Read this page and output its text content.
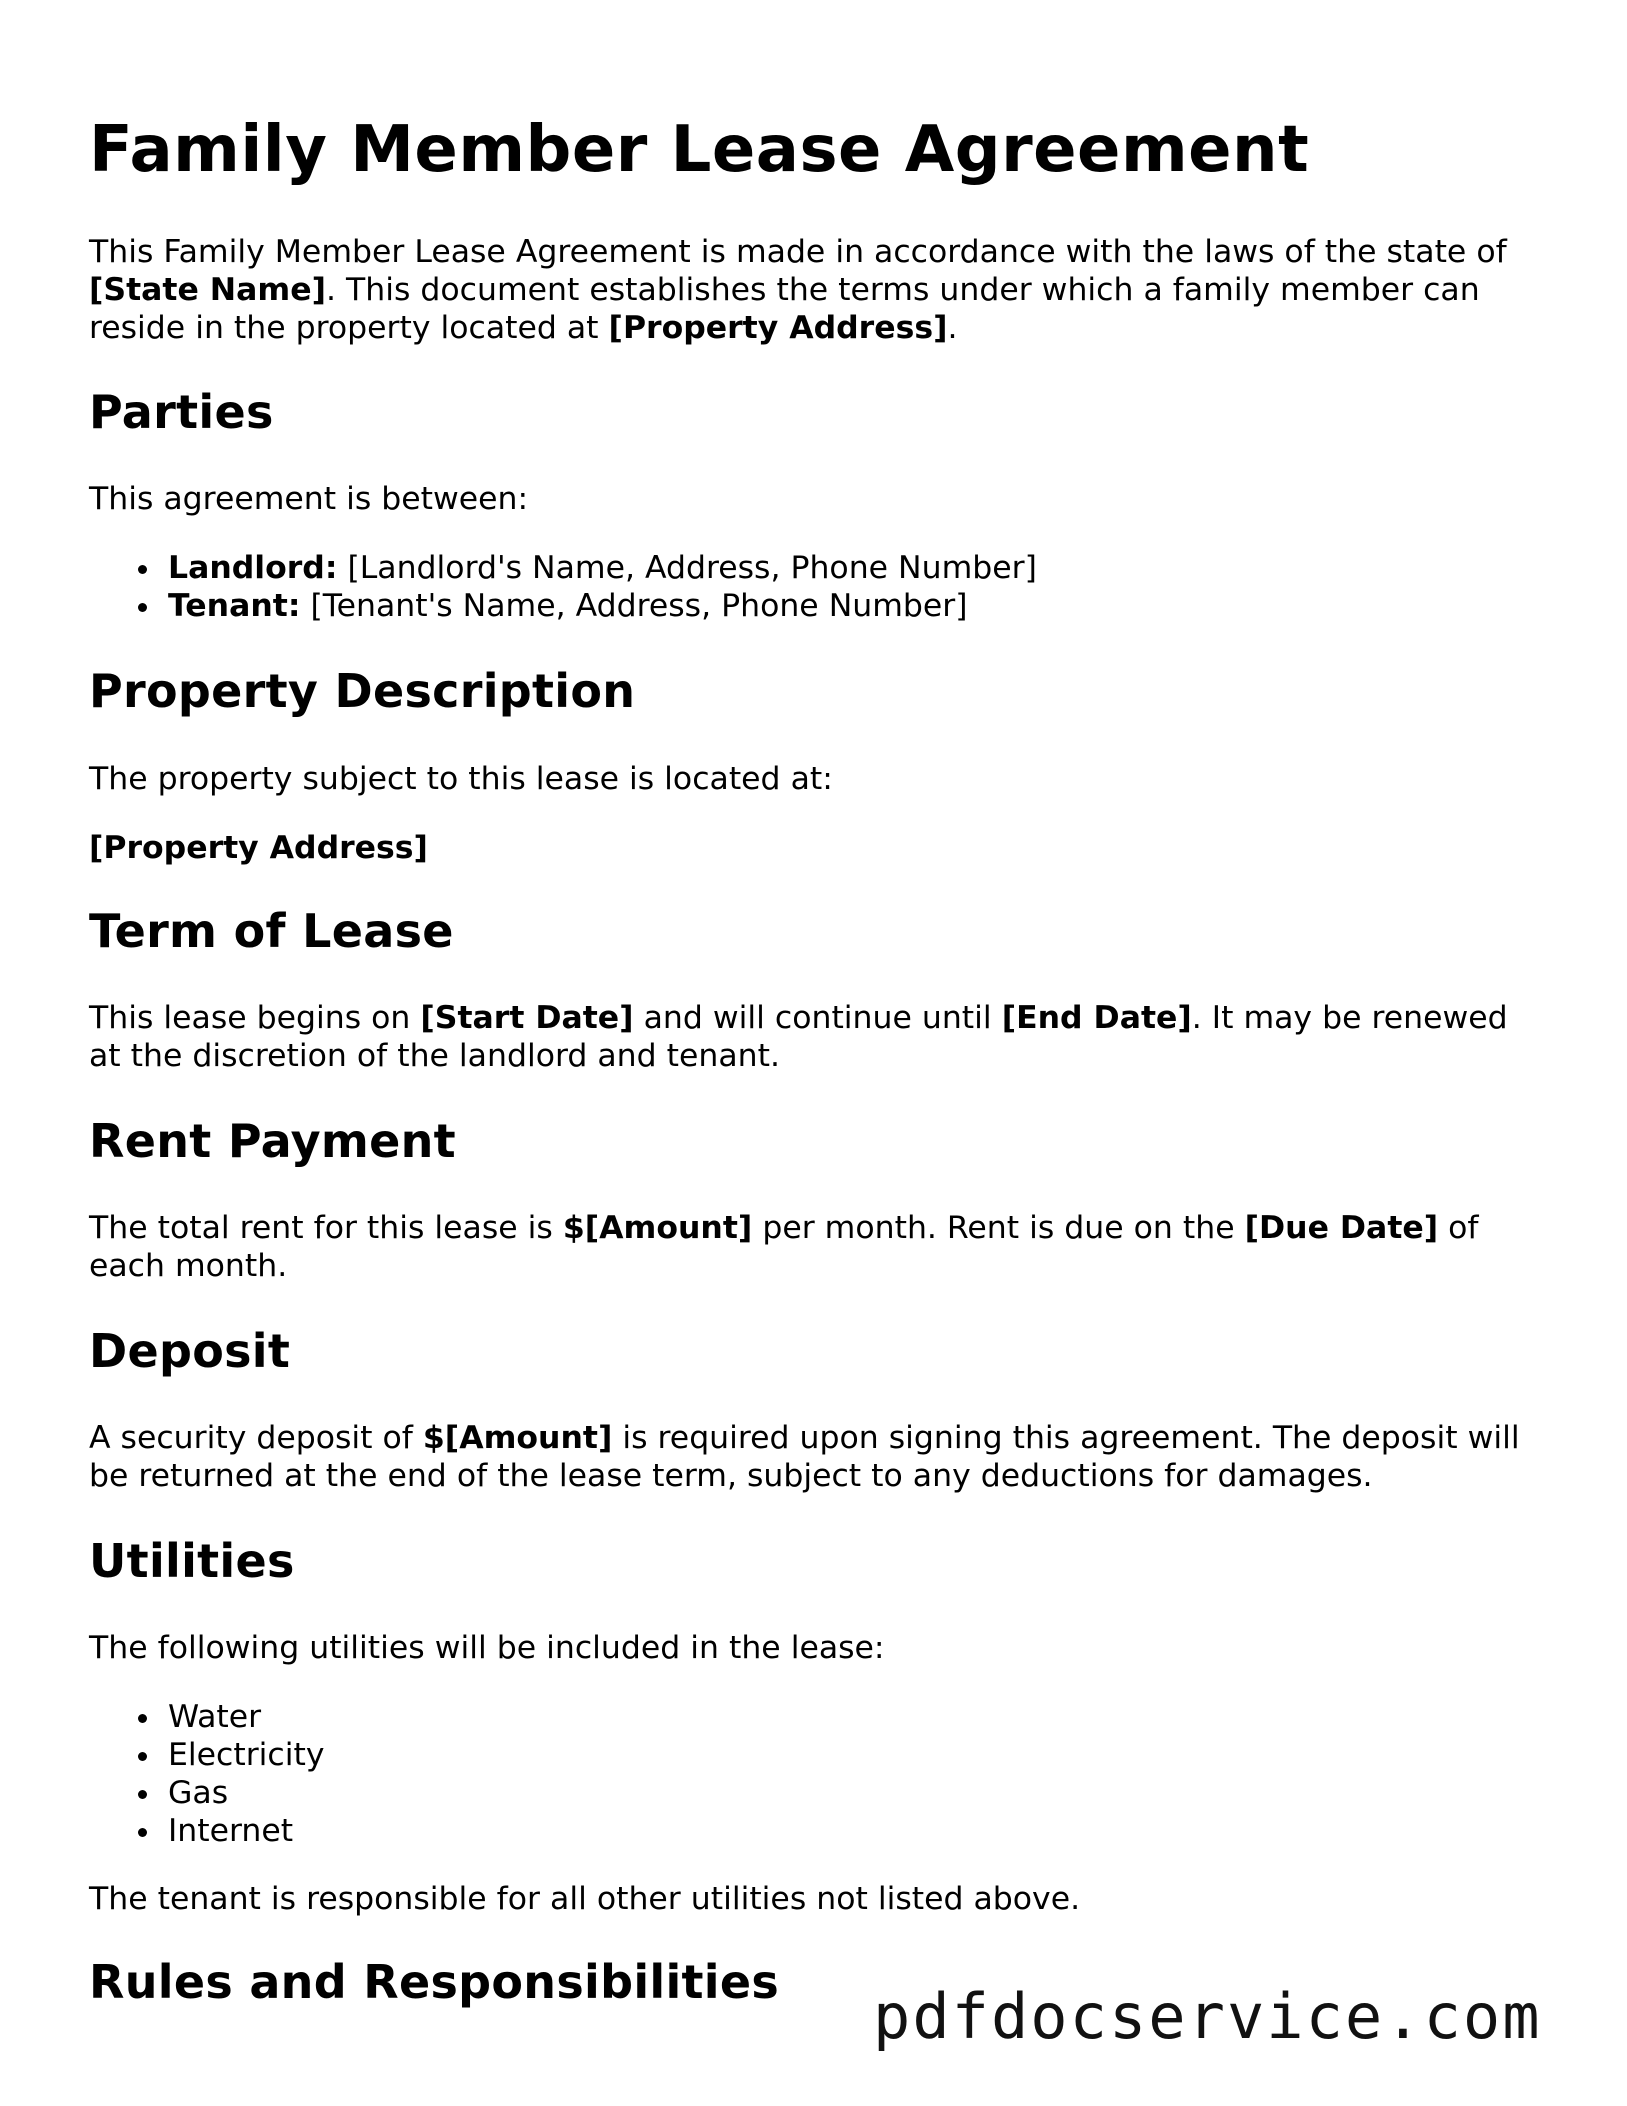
Family Member Lease Agreement

This Family Member Lease Agreement is made in accordance with the laws of the state of [State Name]. This document establishes the terms under which a family member can reside in the property located at [Property Address].

Parties

This agreement is between:

Landlord: [Landlord's Name, Address, Phone Number]
Tenant: [Tenant's Name, Address, Phone Number]
Property Description

The property subject to this lease is located at:

[Property Address]

Term of Lease

This lease begins on [Start Date] and will continue until [End Date]. It may be renewed at the discretion of the landlord and tenant.

Rent Payment

The total rent for this lease is $[Amount] per month. Rent is due on the [Due Date] of each month.

Deposit

A security deposit of $[Amount] is required upon signing this agreement. The deposit will be returned at the end of the lease term, subject to any deductions for damages.

Utilities

The following utilities will be included in the lease:

Water
Electricity
Gas
Internet

The tenant is responsible for all other utilities not listed above.

Rules and Responsibilities pdfdocservice.com
